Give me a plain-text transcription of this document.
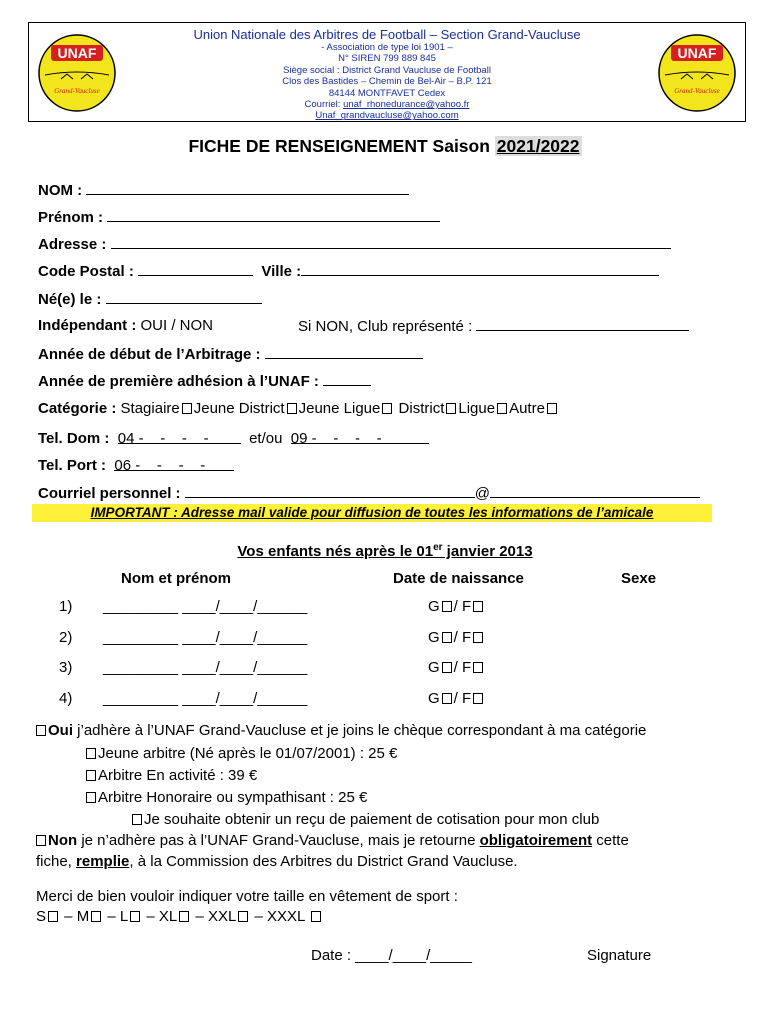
UNAF
Grand-Vaucluse
Union Nationale des Arbitres de Football – Section Grand-Vaucluse
- Association de type loi 1901 –
N° SIREN 799 889 845
Siège social : District Grand Vaucluse de Football
Clos des Bastides – Chemin de Bel-Air – B.P. 121
84144 MONTFAVET Cedex
Courriel: unaf_rhonedurance@yahoo.fr
Unaf_grandvaucluse@yahoo.com
UNAF
Grand-Vaucluse
FICHE DE RENSEIGNEMENT Saison 2021/2022
NOM :
Prénom :
Adresse :
Code Postal :	Ville :
Né(e) le :
Indépendant : OUI / NON	Si NON, Club représenté :
Année de début de l’Arbitrage :
Année de première adhésion à l’UNAF :
Catégorie : Stagiaire Jeune District Jeune Ligue District Ligue Autre
Tel. Dom : 04 -    -    -    -      et/ou 09 -    -    -    -
Tel. Port : 06 -    -    -    -
Courriel personnel :	@
IMPORTANT : Adresse mail valide pour diffusion de toutes les informations de l’amicale
Vos enfants nés après le 01er janvier 2013
Nom et prénom	Date de naissance	Sexe
1) _________ ____/____/______	G / F
2) _________ ____/____/______	G / F
3) _________ ____/____/______	G / F
4) _________ ____/____/______	G / F
Oui j’adhère à l’UNAF Grand-Vaucluse et je joins le chèque correspondant à ma catégorie
Jeune arbitre (Né après le 01/07/2001) : 25 €
Arbitre En activité : 39 €
Arbitre Honoraire ou sympathisant : 25 €
Je souhaite obtenir un reçu de paiement de cotisation pour mon club
Non je n’adhère pas à l’UNAF Grand-Vaucluse, mais je retourne obligatoirement cette
fiche, remplie, à la Commission des Arbitres du District Grand Vaucluse.
Merci de bien vouloir indiquer votre taille en vêtement de sport :
S – M – L – XL – XXL – XXXL
Date : ____/____/_____	Signature
